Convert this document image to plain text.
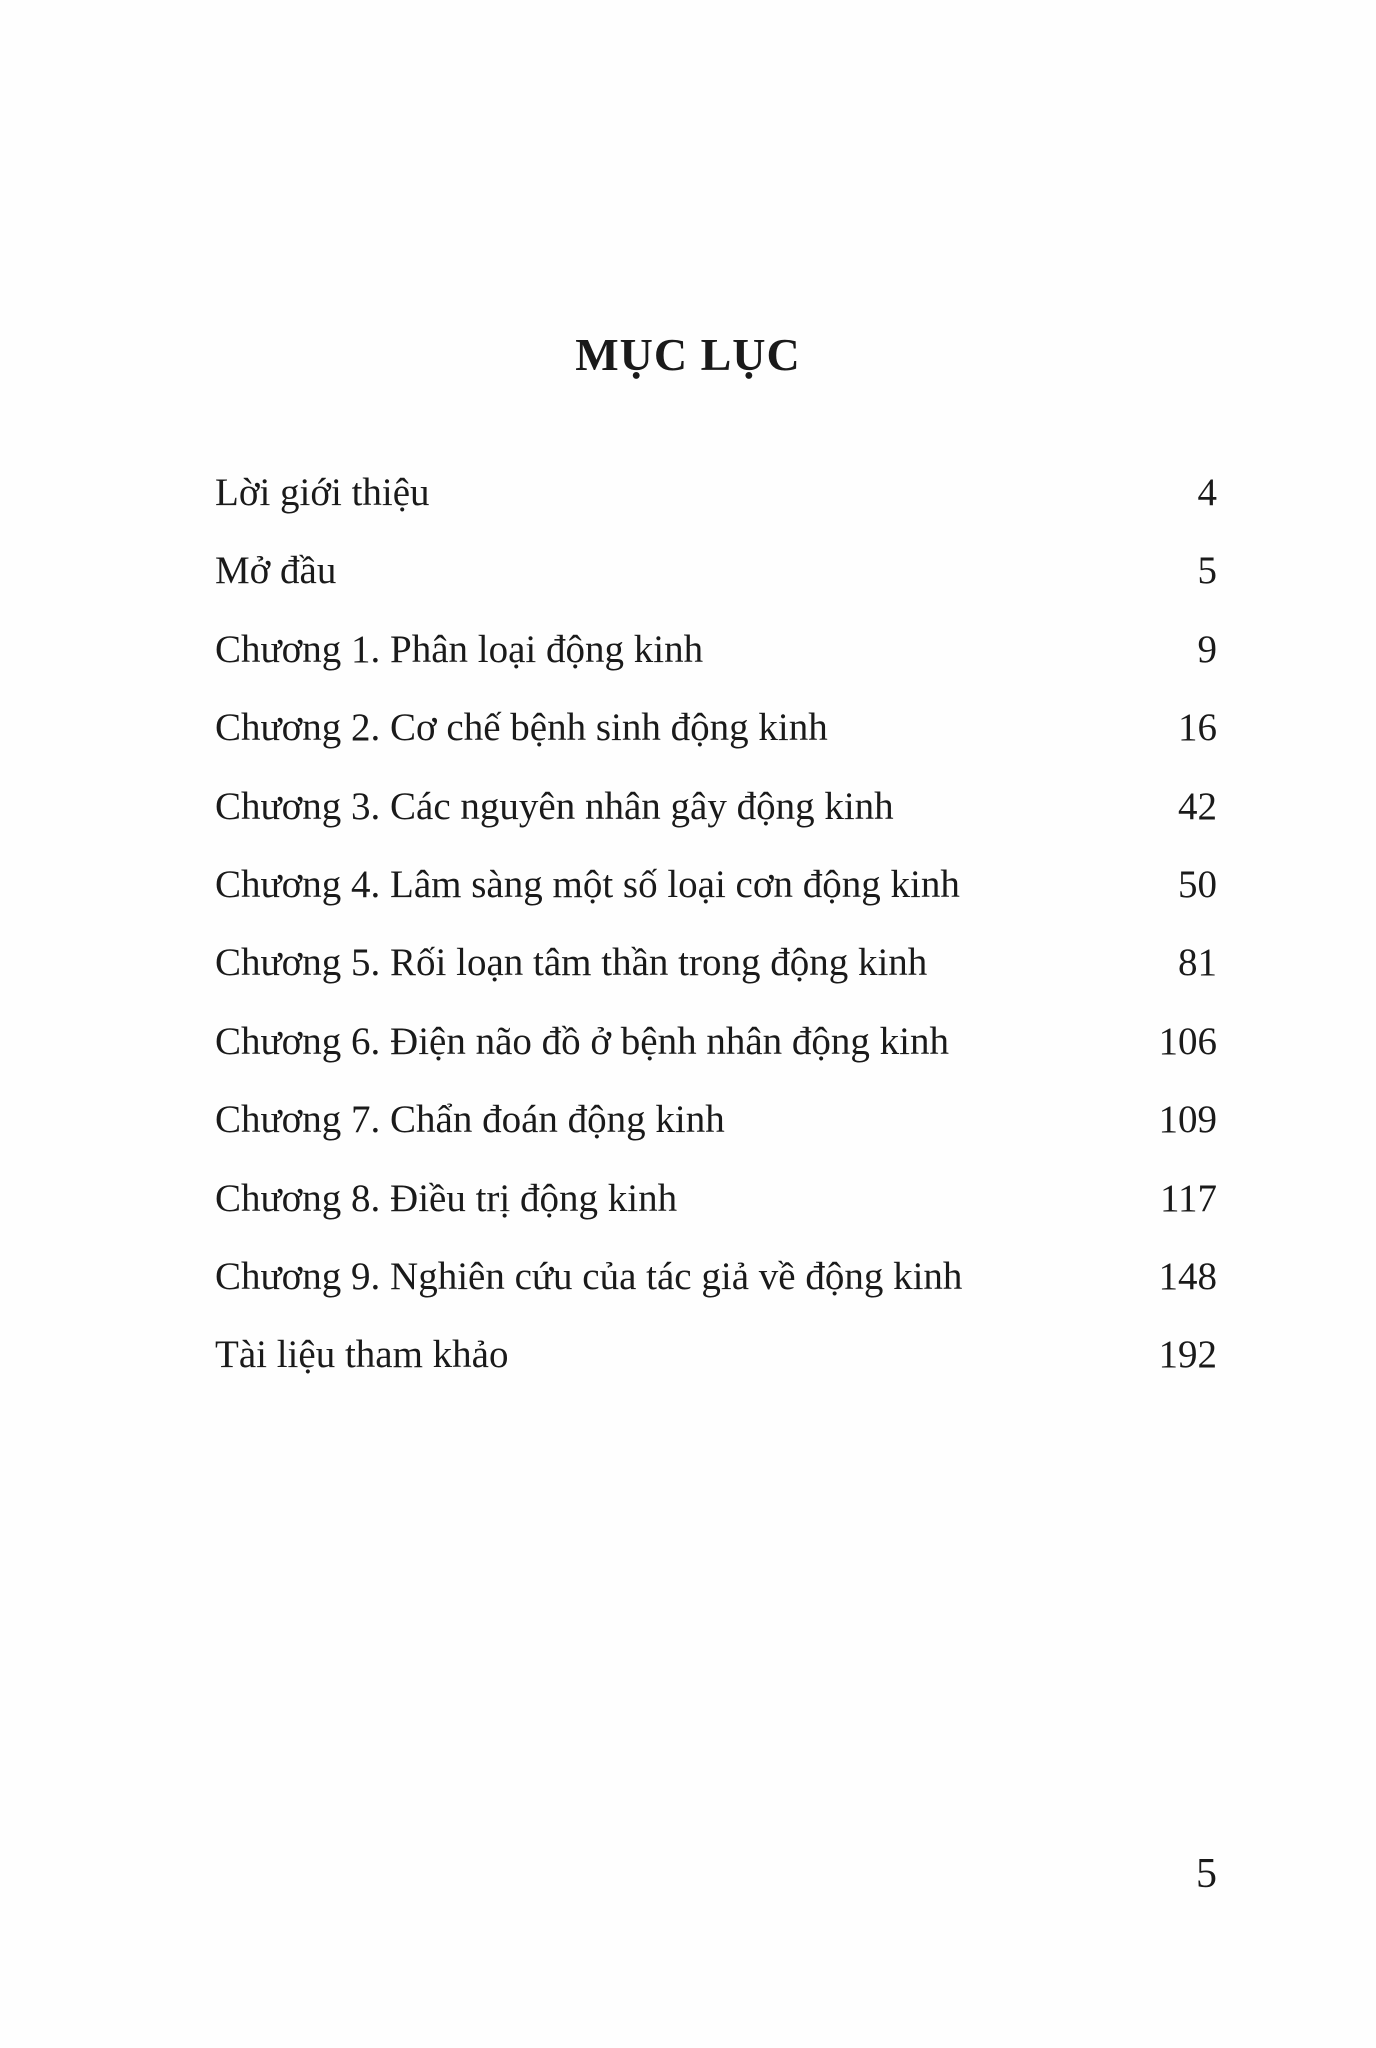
MỤC LỤC
Lời giới thiệu	4
Mở đầu	5
Chương 1. Phân loại động kinh	9
Chương 2. Cơ chế bệnh sinh động kinh	16
Chương 3. Các nguyên nhân gây động kinh	42
Chương 4. Lâm sàng một số loại cơn động kinh	50
Chương 5. Rối loạn tâm thần trong động kinh	81
Chương 6. Điện não đồ ở bệnh nhân động kinh	106
Chương 7. Chẩn đoán động kinh	109
Chương 8. Điều trị động kinh	117
Chương 9. Nghiên cứu của tác giả về động kinh	148
Tài liệu tham khảo	192
5
